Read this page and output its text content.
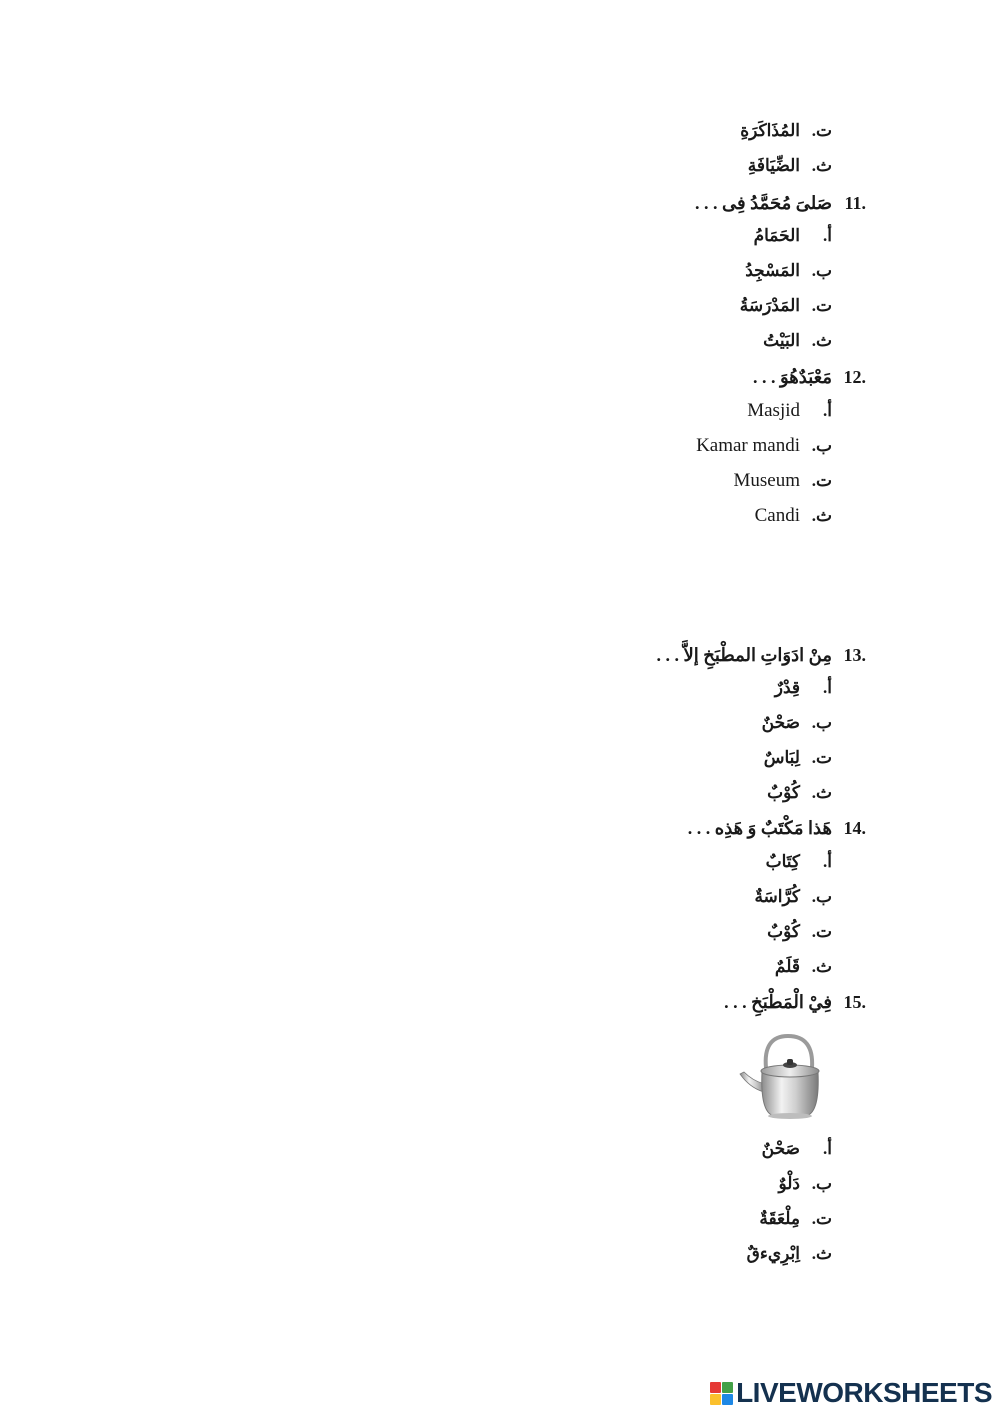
ت.
المُذَاكَرَةِ
ث.
الضِّيَافَةِ
11.
صَلىَ مُحَمَّدُ فِى . . .
أ.
الحَمَامُ
ب.
المَسْجِدُ
ت.
المَدْرَسَةُ
ث.
البَيْتُ
12.
مَعْبَدٌهُوَ . . .
أ.
Masjid
ب.
Kamar mandi
ت.
Museum
ث.
Candi
13.
مِنْ ادَوَاتِ المطْبَخِ إلاَّ . . .
أ.
قِدْرٌ
ب.
صَحْنٌ
ت.
لِبَاسٌ
ث.
كُوْبٌ
14.
هَذا مَكْتَبٌ وَ هَذِه . . .
أ.
كِتَابٌ
ب.
كُرَّاسَةٌ
ت.
كُوْبٌ
ث.
قَلَمٌ
15.
فِيْ الْمَطْبَخِ . . .
أ.
صَحْنٌ
ب.
دَلْوٌ
ت.
مِلْعَقَةٌ
ث.
اِبْرِيءقٌ
LIVEWORKSHEETS
